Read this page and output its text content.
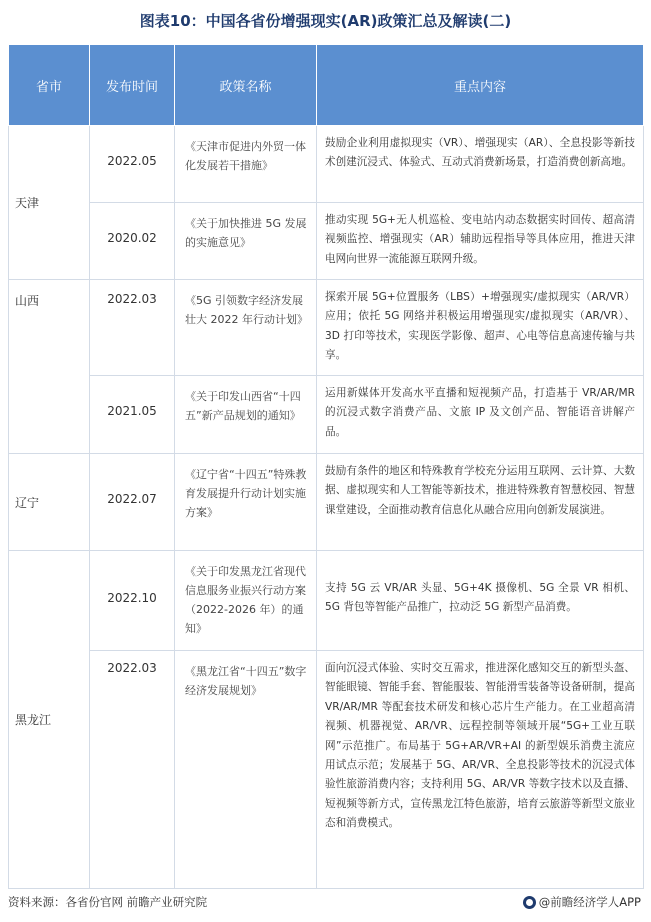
图表10：中国各省份增强现实(AR)政策汇总及解读(二)
省市	发布时间	政策名称	重点内容
天津	2022.05	《天津市促进内外贸一体化发展若干措施》	鼓励企业利用虚拟现实（VR）、增强现实（AR）、全息投影等新技术创建沉浸式、体验式、互动式消费新场景，打造消费创新高地。
	2020.02	《关于加快推进 5G 发展的实施意见》	推动实现 5G+无人机巡检、变电站内动态数据实时回传、超高清视频监控、增强现实（AR）辅助远程指导等具体应用，推进天津电网向世界一流能源互联网升级。
山西	2022.03	《5G 引领数字经济发展壮大 2022 年行动计划》	探索开展 5G+位置服务（LBS）+增强现实/虚拟现实（AR/VR）应用；依托 5G 网络并积极运用增强现实/虚拟现实（AR/VR）、3D 打印等技术，实现医学影像、超声、心电等信息高速传输与共享。
	2021.05	《关于印发山西省“十四五”新产品规划的通知》	运用新媒体开发高水平直播和短视频产品，打造基于 VR/AR/MR 的沉浸式数字消费产品、文旅 IP 及文创产品、智能语音讲解产品。
辽宁	2022.07	《辽宁省“十四五”特殊教育发展提升行动计划实施方案》	鼓励有条件的地区和特殊教育学校充分运用互联网、云计算、大数据、虚拟现实和人工智能等新技术，推进特殊教育智慧校园、智慧课堂建设，全面推动教育信息化从融合应用向创新发展演进。
黑龙江	2022.10	《关于印发黑龙江省现代信息服务业振兴行动方案（2022-2026 年）的通知》	支持 5G 云 VR/AR 头显、5G+4K 摄像机、5G 全景 VR 相机、5G 背包等智能产品推广，拉动泛 5G 新型产品消费。
	2022.03	《黑龙江省“十四五”数字经济发展规划》	面向沉浸式体验、实时交互需求，推进深化感知交互的新型头盔、智能眼镜、智能手套、智能服装、智能滑雪装备等设备研制，提高 VR/AR/MR 等配套技术研发和核心芯片生产能力。在工业超高清视频、机器视觉、AR/VR、远程控制等领域开展“5G+工业互联网”示范推广。布局基于 5G+AR/VR+AI 的新型娱乐消费主流应用试点示范；发展基于 5G、AR/VR、全息投影等技术的沉浸式体验性旅游消费内容；支持利用 5G、AR/VR 等数字技术以及直播、短视频等新方式，宣传黑龙江特色旅游，培育云旅游等新型文旅业态和消费模式。
资料来源：各省份官网 前瞻产业研究院	@前瞻经济学人APP
